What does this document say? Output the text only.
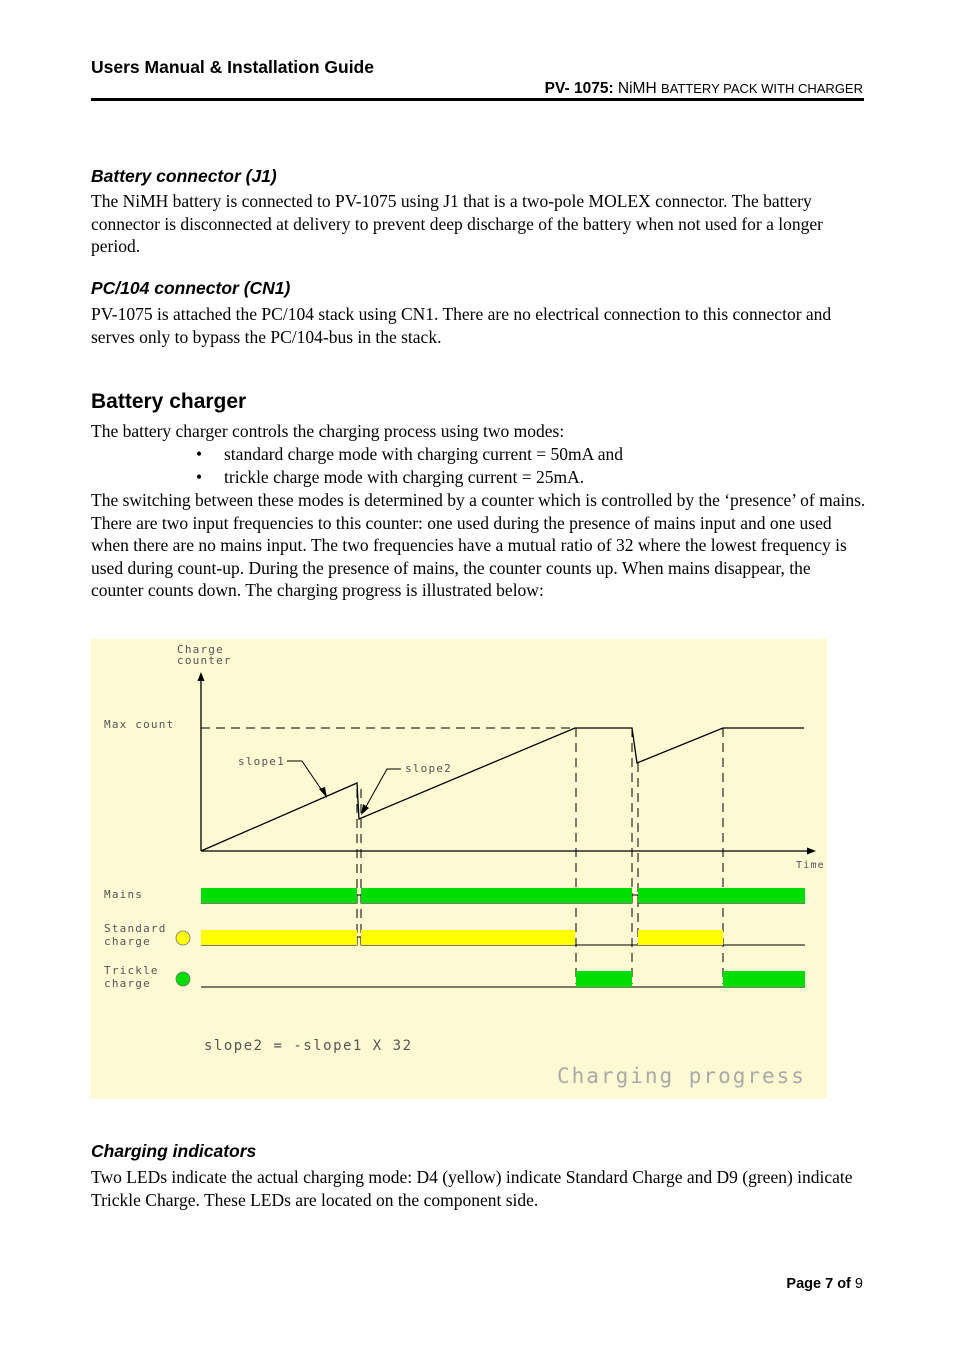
Users Manual & Installation Guide
PV- 1075: NiMH BATTERY PACK WITH CHARGER
Battery connector (J1)
The NiMH battery is connected to PV-1075 using J1 that is a two-pole MOLEX connector. The battery connector is disconnected at delivery to prevent deep discharge of the battery when not used for a longer period.
PC/104 connector (CN1)
PV-1075 is attached the PC/104 stack using CN1. There are no electrical connection to this connector and serves only to bypass the PC/104-bus in the stack.
Battery charger
The battery charger controls the charging process using two modes:
• standard charge mode with charging current = 50mA and
• trickle charge mode with charging current = 25mA.
The switching between these modes is determined by a counter which is controlled by the ‘presence’ of mains. There are two input frequencies to this counter: one used during the presence of mains input and one used when there are no mains input. The two frequencies have a mutual ratio of 32 where the lowest frequency is used during count-up. During the presence of mains, the counter counts up. When mains disappear, the counter counts down. The charging progress is illustrated below:
Charge
counter
Max count
Time
slope1
slope2
Mains
Standard
charge
Trickle
charge
slope2 = -slope1 X 32
Charging progress
Charging indicators
Two LEDs indicate the actual charging mode: D4 (yellow) indicate Standard Charge and D9 (green) indicate Trickle Charge. These LEDs are located on the component side.
Page 7 of 9
